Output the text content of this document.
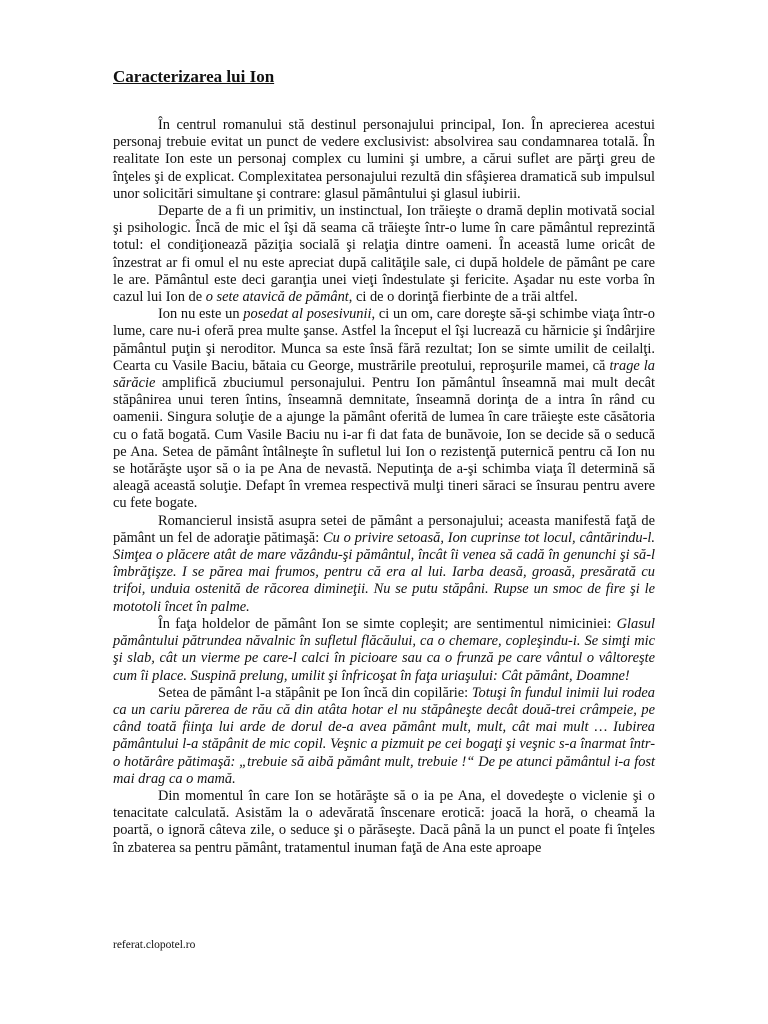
Caracterizarea lui Ion

În centrul romanului stă destinul personajului principal, Ion. În aprecierea acestui personaj trebuie evitat un punct de vedere exclusivist: absolvirea sau condamnarea totală. În realitate Ion este un personaj complex cu lumini şi umbre, a cărui suflet are părţi greu de înţeles şi de explicat. Complexitatea personajului rezultă din sfâşierea dramatică sub impulsul unor solicitări simultane şi contrare: glasul pământului şi glasul iubirii.

Departe de a fi un primitiv, un instinctual, Ion trăieşte o dramă deplin motivată social şi psihologic. Încă de mic el îşi dă seama că trăieşte într-o lume în care pământul reprezintă totul: el condiţionează păziţia socială şi relaţia dintre oameni. În această lume oricât de înzestrat ar fi omul el nu este apreciat după calităţile sale, ci după holdele de pământ pe care le are. Pământul este deci garanţia unei vieţi îndestulate şi fericite. Aşadar nu este vorba în cazul lui Ion de o sete atavică de pământ, ci de o dorinţă fierbinte de a trăi altfel.

Ion nu este un posedat al posesivunii, ci un om, care doreşte să-şi schimbe viaţa într-o lume, care nu-i oferă prea multe şanse. Astfel la început el îşi lucrează cu hărnicie şi îndârjire pământul puţin şi neroditor. Munca sa este însă fără rezultat; Ion se simte umilit de ceilalţi. Cearta cu Vasile Baciu, bătaia cu George, mustrările preotului, reproşurile mamei, că trage la sărăcie amplifică zbuciumul personajului. Pentru Ion pământul înseamnă mai mult decât stăpânirea unui teren întins, înseamnă demnitate, înseamnă dorinţa de a intra în rând cu oamenii. Singura soluţie de a ajunge la pământ oferită de lumea în care trăieşte este căsătoria cu o fată bogată. Cum Vasile Baciu nu i-ar fi dat fata de bunăvoie, Ion se decide să o seducă pe Ana. Setea de pământ întâlneşte în sufletul lui Ion o rezistenţă puternică pentru că Ion nu se hotărăşte uşor să o ia pe Ana de nevastă. Neputinţa de a-şi schimba viaţa îl determină să aleagă această soluţie. Defapt în vremea respectivă mulţi tineri săraci se însurau pentru avere cu fete bogate.

Romancierul insistă asupra setei de pământ a personajului; aceasta manifestă faţă de pământ un fel de adoraţie pătimaşă: Cu o privire setoasă, Ion cuprinse tot locul, cântărindu-l. Simţea o plăcere atât de mare văzându-şi pământul, încât îi venea să cadă în genunchi şi să-l îmbrăţişze. I se părea mai frumos, pentru că era al lui. Iarba deasă, groasă, presărată cu trifoi, unduia ostenită de răcorea dimineţii. Nu se putu stăpâni. Rupse un smoc de fire şi le mototoli încet în palme.

În faţa holdelor de pământ Ion se simte copleşit; are sentimentul nimiciniei: Glasul pământului pătrundea năvalnic în sufletul flăcăului, ca o chemare, copleşindu-i. Se simţi mic şi slab, cât un vierme pe care-l calci în picioare sau ca o frunză pe care vântul o vâltoreşte cum îi place. Suspină prelung, umilit şi înfricoşat în faţa uriaşului: Cât pământ, Doamne!

Setea de pământ l-a stăpânit pe Ion încă din copilărie: Totuşi în fundul inimii lui rodea ca un cariu părerea de rău că din atâta hotar el nu stăpâneşte decât două-trei crâmpeie, pe când toată fiinţa lui arde de dorul de-a avea pământ mult, mult, cât mai mult … Iubirea pământului l-a stăpânit de mic copil. Veşnic a pizmuit pe cei bogaţi şi veşnic s-a înarmat într-o hotărâre pătimaşă: „trebuie să aibă pământ mult, trebuie !“ De pe atunci pământul i-a fost mai drag ca o mamă.

Din momentul în care Ion se hotărăşte să o ia pe Ana, el dovedeşte o viclenie şi o tenacitate calculată. Asistăm la o adevărată înscenare erotică: joacă la horă, o cheamă la poartă, o ignoră câteva zile, o seduce şi o părăseşte. Dacă până la un punct el poate fi înţeles în zbaterea sa pentru pământ, tratamentul inuman faţă de Ana este aproape

referat.clopotel.ro
